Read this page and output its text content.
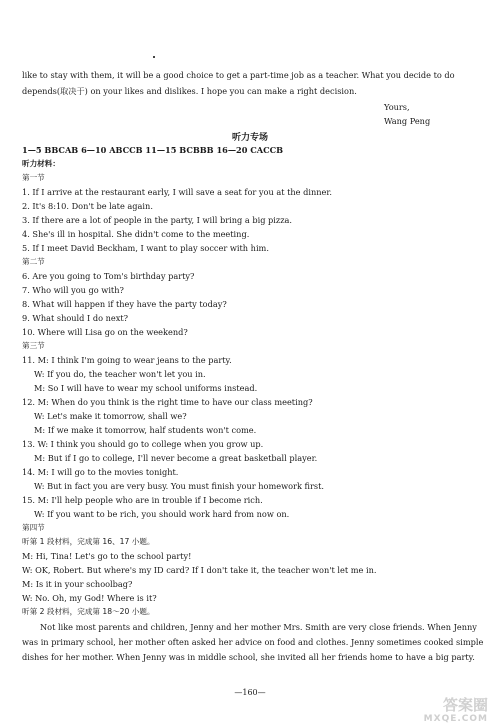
like to stay with them, it will be a good choice to get a part-time job as a teacher. What you decide to do
depends(取决于) on your likes and dislikes. I hope you can make a right decision.
Yours,
Wang Peng
听力专场
1—5 BBCAB 6—10 ABCCB 11—15 BCBBB 16—20 CACCB
听力材料：
第一节
1. If I arrive at the restaurant early, I will save a seat for you at the dinner.
2. It's 8:10. Don't be late again.
3. If there are a lot of people in the party, I will bring a big pizza.
4. She's ill in hospital. She didn't come to the meeting.
5. If I meet David Beckham, I want to play soccer with him.
第二节
6. Are you going to Tom's birthday party?
7. Who will you go with?
8. What will happen if they have the party today?
9. What should I do next?
10. Where will Lisa go on the weekend?
第三节
11. M: I think I'm going to wear jeans to the party.
W: If you do, the teacher won't let you in.
M: So I will have to wear my school uniforms instead.
12. M: When do you think is the right time to have our class meeting?
W: Let's make it tomorrow, shall we?
M: If we make it tomorrow, half students won't come.
13. W: I think you should go to college when you grow up.
M: But if I go to college, I'll never become a great basketball player.
14. M: I will go to the movies tonight.
W: But in fact you are very busy. You must finish your homework first.
15. M: I'll help people who are in trouble if I become rich.
W: If you want to be rich, you should work hard from now on.
第四节
听第 1 段材料，完成第 16、17 小题。
M: Hi, Tina! Let's go to the school party!
W: OK, Robert. But where's my ID card? If I don't take it, the teacher won't let me in.
M: Is it in your schoolbag?
W: No. Oh, my God! Where is it?
听第 2 段材料，完成第 18～20 小题。
Not like most parents and children, Jenny and her mother Mrs. Smith are very close friends. When Jenny
was in primary school, her mother often asked her advice on food and clothes. Jenny sometimes cooked simple
dishes for her mother. When Jenny was in middle school, she invited all her friends home to have a big party.
—160—
答案圈
MXQE.COM
